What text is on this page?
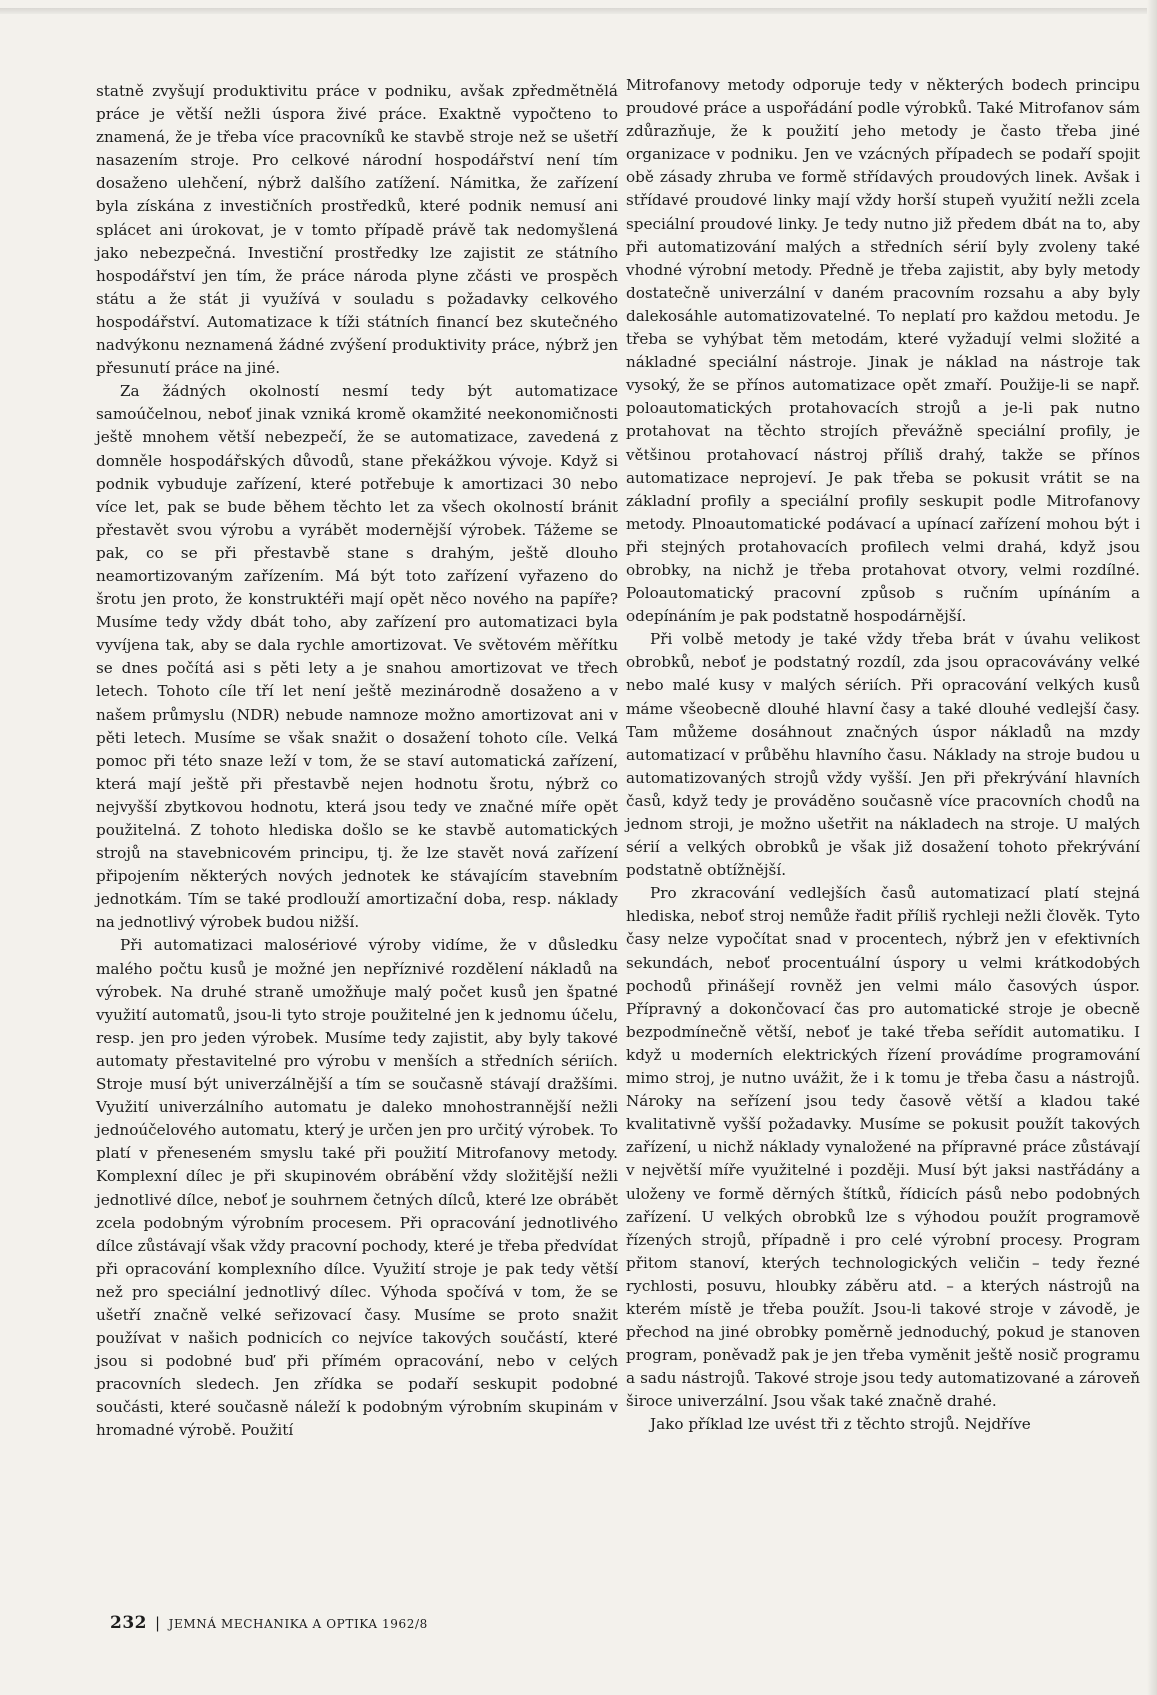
statně zvyšují produktivitu práce v podniku, avšak zpředmětnělá práce je větší nežli úspora živé práce. Exaktně vypočteno to znamená, že je třeba více pracovníků ke stavbě stroje než se ušetří nasazením stroje. Pro celkové národní hospodářství není tím dosaženo ulehčení, nýbrž dalšího zatížení. Námitka, že zařízení byla získána z investičních prostředků, které podnik nemusí ani splácet ani úrokovat, je v tomto případě právě tak nedomyšlená jako nebezpečná. Investiční prostředky lze zajistit ze státního hospodářství jen tím, že práce národa plyne zčásti ve prospěch státu a že stát ji využívá v souladu s požadavky celkového hospodářství. Automatizace k tíži státních financí bez skutečného nadvýkonu neznamená žádné zvýšení produktivity práce, nýbrž jen přesunutí práce na jiné.

Za žádných okolností nesmí tedy být automatizace samoúčelnou, neboť jinak vzniká kromě okamžité neekonomičnosti ještě mnohem větší nebezpečí, že se automatizace, zavedená z domněle hospodářských důvodů, stane překážkou vývoje. Když si podnik vybuduje zařízení, které potřebuje k amortizaci 30 nebo více let, pak se bude během těchto let za všech okolností bránit přestavět svou výrobu a vyrábět modernější výrobek. Tážeme se pak, co se při přestavbě stane s drahým, ještě dlouho neamortizovaným zařízením. Má být toto zařízení vyřazeno do šrotu jen proto, že konstruktéři mají opět něco nového na papíře? Musíme tedy vždy dbát toho, aby zařízení pro automatizaci byla vyvíjena tak, aby se dala rychle amortizovat. Ve světovém měřítku se dnes počítá asi s pěti lety a je snahou amortizovat ve třech letech. Tohoto cíle tří let není ještě mezinárodně dosaženo a v našem průmyslu (NDR) nebude namnoze možno amortizovat ani v pěti letech. Musíme se však snažit o dosažení tohoto cíle. Velká pomoc při této snaze leží v tom, že se staví automatická zařízení, která mají ještě při přestavbě nejen hodnotu šrotu, nýbrž co nejvyšší zbytkovou hodnotu, která jsou tedy ve značné míře opět použitelná. Z tohoto hlediska došlo se ke stavbě automatických strojů na stavebnicovém principu, tj. že lze stavět nová zařízení připojením některých nových jednotek ke stávajícím stavebním jednotkám. Tím se také prodlouží amortizační doba, resp. náklady na jednotlivý výrobek budou nižší.

Při automatizaci malosériové výroby vidíme, že v důsledku malého počtu kusů je možné jen nepříznivé rozdělení nákladů na výrobek. Na druhé straně umožňuje malý počet kusů jen špatné využití automatů, jsou-li tyto stroje použitelné jen k jednomu účelu, resp. jen pro jeden výrobek. Musíme tedy zajistit, aby byly takové automaty přestavitelné pro výrobu v menších a středních sériích. Stroje musí být univerzálnější a tím se současně stávají dražšími. Využití univerzálního automatu je daleko mnohostrannější nežli jednoúčelového automatu, který je určen jen pro určitý výrobek. To platí v přeneseném smyslu také při použití Mitrofanovy metody. Komplexní dílec je při skupinovém obrábění vždy složitější nežli jednotlivé dílce, neboť je souhrnem četných dílců, které lze obrábět zcela podobným výrobním procesem. Při opracování jednotlivého dílce zůstávají však vždy pracovní pochody, které je třeba předvídat při opracování komplexního dílce. Využití stroje je pak tedy větší než pro speciální jednotlivý dílec. Výhoda spočívá v tom, že se ušetří značně velké seřizovací časy. Musíme se proto snažit používat v našich podnicích co nejvíce takových součástí, které jsou si podobné buď při přímém opracování, nebo v celých pracovních sledech. Jen zřídka se podaří seskupit podobné součásti, které současně náleží k podobným výrobním skupinám v hromadné výrobě. Použití

Mitrofanovy metody odporuje tedy v některých bodech principu proudové práce a uspořádání podle výrobků. Také Mitrofanov sám zdůrazňuje, že k použití jeho metody je často třeba jiné organizace v podniku. Jen ve vzácných případech se podaří spojit obě zásady zhruba ve formě střídavých proudových linek. Avšak i střídavé proudové linky mají vždy horší stupeň využití nežli zcela speciální proudové linky. Je tedy nutno již předem dbát na to, aby při automatizování malých a středních sérií byly zvoleny také vhodné výrobní metody. Předně je třeba zajistit, aby byly metody dostatečně univerzální v daném pracovním rozsahu a aby byly dalekosáhle automatizovatelné. To neplatí pro každou metodu. Je třeba se vyhýbat těm metodám, které vyžadují velmi složité a nákladné speciální nástroje. Jinak je náklad na nástroje tak vysoký, že se přínos automatizace opět zmaří. Použije-li se např. poloautomatických protahovacích strojů a je-li pak nutno protahovat na těchto strojích převážně speciální profily, je většinou protahovací nástroj příliš drahý, takže se přínos automatizace neprojeví. Je pak třeba se pokusit vrátit se na základní profily a speciální profily seskupit podle Mitrofanovy metody. Plnoautomatické podávací a upínací zařízení mohou být i při stejných protahovacích profilech velmi drahá, když jsou obrobky, na nichž je třeba protahovat otvory, velmi rozdílné. Poloautomatický pracovní způsob s ručním upínáním a odepínáním je pak podstatně hospodárnější.

Při volbě metody je také vždy třeba brát v úvahu velikost obrobků, neboť je podstatný rozdíl, zda jsou opracovávány velké nebo malé kusy v malých sériích. Při opracování velkých kusů máme všeobecně dlouhé hlavní časy a také dlouhé vedlejší časy. Tam můžeme dosáhnout značných úspor nákladů na mzdy automatizací v průběhu hlavního času. Náklady na stroje budou u automatizovaných strojů vždy vyšší. Jen při překrývání hlavních časů, když tedy je prováděno současně více pracovních chodů na jednom stroji, je možno ušetřit na nákladech na stroje. U malých sérií a velkých obrobků je však již dosažení tohoto překrývání podstatně obtížnější.

Pro zkracování vedlejších časů automatizací platí stejná hlediska, neboť stroj nemůže řadit příliš rychleji nežli člověk. Tyto časy nelze vypočítat snad v procentech, nýbrž jen v efektivních sekundách, neboť procentuální úspory u velmi krátkodobých pochodů přinášejí rovněž jen velmi málo časových úspor. Přípravný a dokončovací čas pro automatické stroje je obecně bezpodmínečně větší, neboť je také třeba seřídit automatiku. I když u moderních elektrických řízení provádíme programování mimo stroj, je nutno uvážit, že i k tomu je třeba času a nástrojů. Nároky na seřízení jsou tedy časově větší a kladou také kvalitativně vyšší požadavky. Musíme se pokusit použít takových zařízení, u nichž náklady vynaložené na přípravné práce zůstávají v největší míře využitelné i později. Musí být jaksi nastřádány a uloženy ve formě děrných štítků, řídicích pásů nebo podobných zařízení. U velkých obrobků lze s výhodou použít programově řízených strojů, případně i pro celé výrobní procesy. Program přitom stanoví, kterých technologických veličin – tedy řezné rychlosti, posuvu, hloubky záběru atd. – a kterých nástrojů na kterém místě je třeba použít. Jsou-li takové stroje v závodě, je přechod na jiné obrobky poměrně jednoduchý, pokud je stanoven program, poněvadž pak je jen třeba vyměnit ještě nosič programu a sadu nástrojů. Takové stroje jsou tedy automatizované a zároveň široce univerzální. Jsou však také značně drahé.

Jako příklad lze uvést tři z těchto strojů. Nejdříve

232 | JEMNÁ MECHANIKA A OPTIKA 1962/8
